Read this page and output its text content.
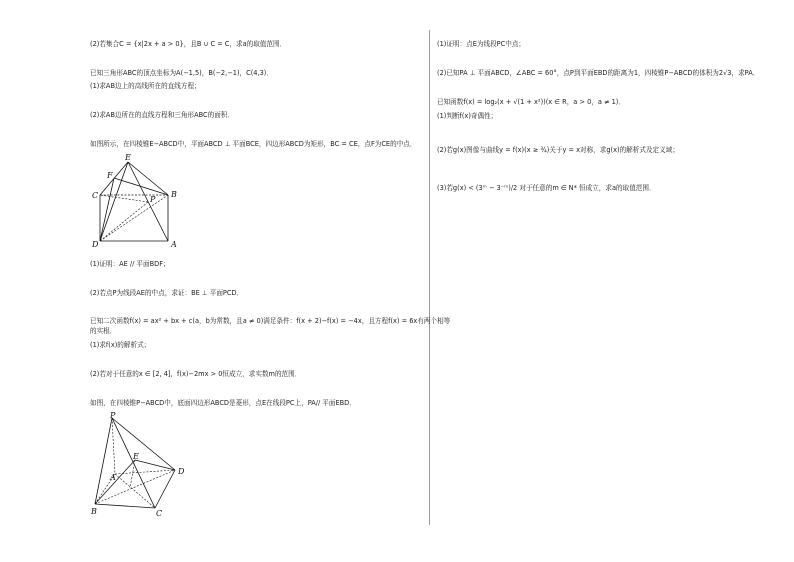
(2)若集合C = {x|2x + a > 0}，且B ∪ C = C，求a的取值范围．
已知三角形ABC的顶点坐标为A(−1,5)，B(−2,−1)，C(4,3)．
(1)求AB边上的高线所在的直线方程；
(2)求AB边所在的直线方程和三角形ABC的面积．
如图所示，在四棱锥E−ABCD中，平面ABCD ⊥ 平面BCE，四边形ABCD为矩形，BC = CE，点F为CE的中点．
E
F
C	B
P
D	A
(1)证明：AE // 平面BDF；
(2)若点P为线段AE的中点，求证：BE ⊥ 平面PCD．
已知二次函数f(x) = ax² + bx + c(a，b为常数，且a ≠ 0)满足条件：f(x + 2)−f(x) = −4x，且方程f(x) = 6x有两个相等
的实根．
(1)求f(x)的解析式；
(2)若对于任意的x ∈ [2, 4]，f(x)−2mx > 0恒成立，求实数m的范围．
如图，在四棱锥P−ABCD中，底面四边形ABCD是菱形，点E在线段PC上，PA// 平面EBD．
P
E
A
D
B	C
(1)证明：点E为线段PC中点；
(2)已知PA ⊥ 平面ABCD，∠ABC = 60°，点P到平面EBD的距离为1，四棱锥P−ABCD的体积为2√3，求PA．
已知函数f(x) = log₂(x + √(1 + x²))(x ∈ R，a > 0，a ≠ 1)．
(1)判断f(x)奇偶性；
(2)若g(x)图像与曲线y = f(x)(x ≥ ¾)关于y = x对称，求g(x)的解析式及定义域；
(3)若g(x) < (3ᵐ − 3⁻ᵐ)/2 对于任意的m ∈ N* 恒成立，求a的取值范围．
